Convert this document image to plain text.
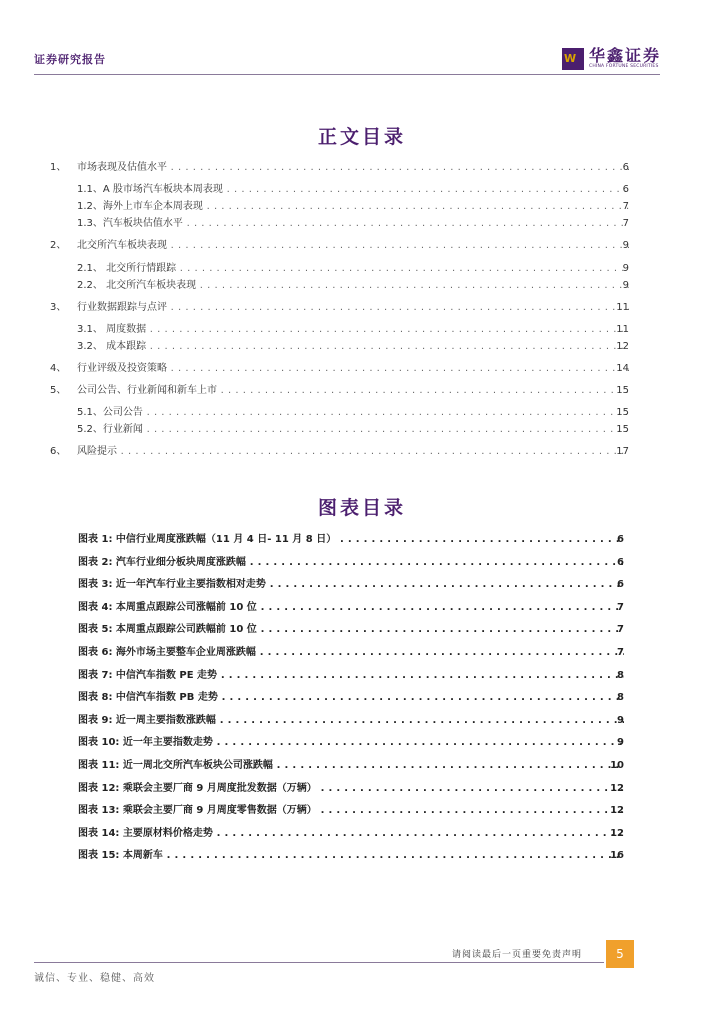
证券研究报告	W 华鑫证券
CHINA FORTUNE SECURITIES
正文目录
1、 市场表现及估值水平 . . .	6
1.1、A 股市场汽车板块本周表现 . . .	6
1.2、海外上市车企本周表现 . . .	7
1.3、汽车板块估值水平 . . .	7
2、 北交所汽车板块表现 . . .	9
2.1、 北交所行情跟踪 . . .	9
2.2、 北交所汽车板块表现 . . .	9
3、 行业数据跟踪与点评 . . .	11
3.1、 周度数据 . . .	11
3.2、 成本跟踪 . . .	12
4、 行业评级及投资策略 . . .	14
5、 公司公告、行业新闻和新车上市 . . .	15
5.1、公司公告 . . .	15
5.2、行业新闻 . . .	15
6、 风险提示 . . .	17
图表目录
图表 1: 中信行业周度涨跌幅（11 月 4 日- 11 月 8 日） . . .	6
图表 2: 汽车行业细分板块周度涨跌幅 . . .	6
图表 3: 近一年汽车行业主要指数相对走势 . . .	6
图表 4: 本周重点跟踪公司涨幅前 10 位 . . .	7
图表 5: 本周重点跟踪公司跌幅前 10 位 . . .	7
图表 6: 海外市场主要整车企业周涨跌幅 . . .	7
图表 7: 中信汽车指数 PE 走势 . . .	8
图表 8: 中信汽车指数 PB 走势 . . .	8
图表 9: 近一周主要指数涨跌幅 . . .	9
图表 10: 近一年主要指数走势 . . .	9
图表 11: 近一周北交所汽车板块公司涨跌幅 . . .	10
图表 12: 乘联会主要厂商 9 月周度批发数据（万辆） . . .	12
图表 13: 乘联会主要厂商 9 月周度零售数据（万辆） . . .	12
图表 14: 主要原材料价格走势 . . .	12
图表 15: 本周新车 . . .	16
请阅读最后一页重要免责声明	5
诚信、专业、稳健、高效
